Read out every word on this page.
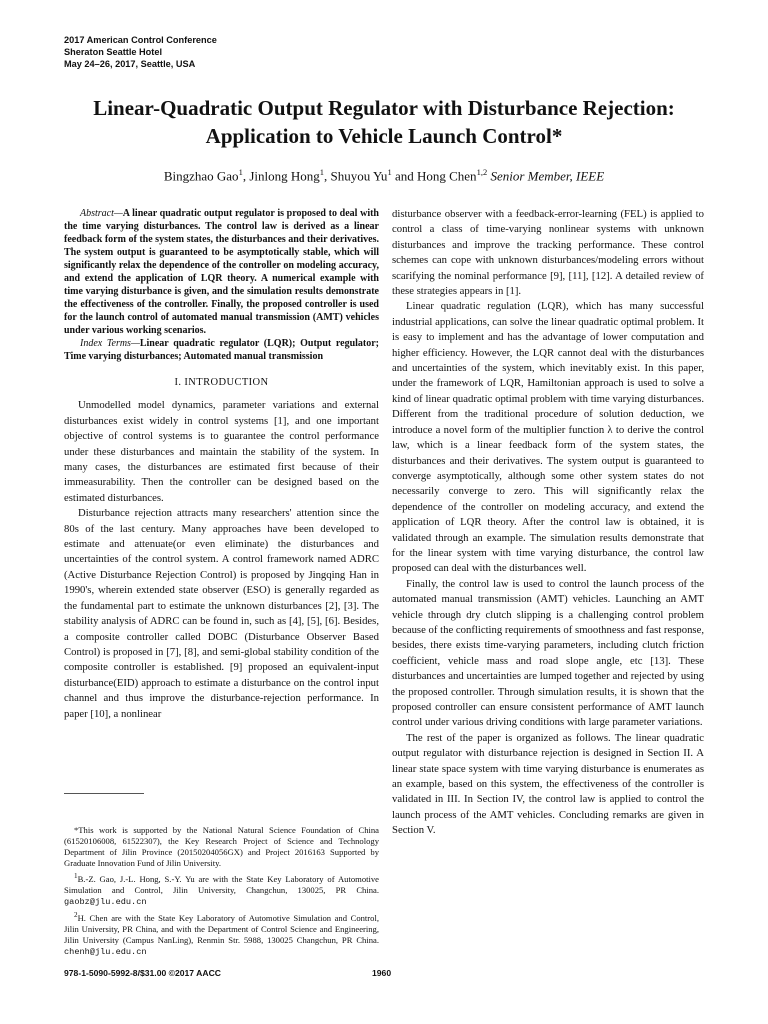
2017 American Control Conference
Sheraton Seattle Hotel
May 24–26, 2017, Seattle, USA
Linear-Quadratic Output Regulator with Disturbance Rejection:
Application to Vehicle Launch Control*
Bingzhao Gao$^1$, Jinlong Hong$^1$, Shuyou Yu$^1$ and Hong Chen$^{1,2}$ Senior Member, IEEE

Abstract—A linear quadratic output regulator is proposed to deal with the time varying disturbances. The control law is derived as a linear feedback form of the system states, the disturbances and their derivatives. The system output is guaranteed to be asymptotically stable, which will significantly relax the dependence of the controller on modeling accuracy, and extend the application of LQR theory. A numerical example with time varying disturbance is given, and the simulation results demonstrate the effectiveness of the controller. Finally, the proposed controller is used for the launch control of automated manual transmission (AMT) vehicles under various working scenarios.

Index Terms—Linear quadratic regulator (LQR); Output regulator; Time varying disturbances; Automated manual transmission

I. INTRODUCTION

Unmodelled model dynamics, parameter variations and external disturbances exist widely in control systems [1], and one important objective of control systems is to guarantee the control performance under these disturbances and maintain the stability of the system. In many cases, the disturbances are estimated first because of their immeasurability. Then the controller can be designed based on the estimated disturbances.

Disturbance rejection attracts many researchers' attention since the 80s of the last century. Many approaches have been developed to estimate and attenuate(or even eliminate) the disturbances and uncertainties of the control system. A control framework named ADRC (Active Disturbance Rejection Control) is proposed by Jingqing Han in 1990's, wherein extended state observer (ESO) is generally regarded as the fundamental part to estimate the unknown disturbances [2], [3]. The stability analysis of ADRC can be found in, such as [4], [5], [6]. Besides, a composite controller called DOBC (Disturbance Observer Based Control) is proposed in [7], [8], and semi-global stability condition of the composite controller is established. [9] proposed an equivalent-input disturbance(EID) approach to estimate a disturbance on the control input channel and thus improve the disturbance-rejection performance. In paper [10], a nonlinear

*This work is supported by the National Natural Science Foundation of China (61520106008, 61522307), the Key Research Project of Science and Technology Department of Jilin Province (20150204056GX) and Project 2016163 Supported by Graduate Innovation Fund of Jilin University.

$^1$B.-Z. Gao, J.-L. Hong, S.-Y. Yu are with the State Key Laboratory of Automotive Simulation and Control, Jilin University, Changchun, 130025, PR China. gaobz@jlu.edu.cn

$^2$H. Chen are with the State Key Laboratory of Automotive Simulation and Control, Jilin University, PR China, and with the Department of Control Science and Engineering, Jilin University (Campus NanLing), Renmin Str. 5988, 130025 Changchun, PR China. chenh@jlu.edu.cn

disturbance observer with a feedback-error-learning (FEL) is applied to control a class of time-varying nonlinear systems with unknown disturbances and improve the tracking performance. These control schemes can cope with unknown disturbances/modeling errors without scarifying the nominal performance [9], [11], [12]. A detailed review of these strategies appears in [1].

Linear quadratic regulation (LQR), which has many successful industrial applications, can solve the linear quadratic optimal problem. It is easy to implement and has the advantage of lower computation and higher efficiency. However, the LQR cannot deal with the disturbances and uncertainties of the system, which inevitably exist. In this paper, under the framework of LQR, Hamiltonian approach is used to solve a kind of linear quadratic optimal problem with time varying disturbances. Different from the traditional procedure of solution deduction, we introduce a novel form of the multiplier function λ to derive the control law, which is a linear feedback form of the system states, the disturbances and their derivatives. The system output is guaranteed to converge asymptotically, although some other system states do not necessarily converge to zero. This will significantly relax the dependence of the controller on modeling accuracy, and extend the application of LQR theory. After the control law is obtained, it is validated through an example. The simulation results demonstrate that for the linear system with time varying disturbance, the control law proposed can deal with the disturbances well.

Finally, the control law is used to control the launch process of the automated manual transmission (AMT) vehicles. Launching an AMT vehicle through dry clutch slipping is a challenging control problem because of the conflicting requirements of smoothness and fast response, besides, there exists time-varying parameters, including clutch friction coefficient, vehicle mass and road slope angle, etc [13]. These disturbances and uncertainties are lumped together and rejected by using the proposed controller. Through simulation results, it is shown that the proposed controller can ensure consistent performance of AMT launch control under various driving conditions with large parameter variations.

The rest of the paper is organized as follows. The linear quadratic output regulator with disturbance rejection is designed in Section II. A linear state space system with time varying disturbance is enumerates as an example, based on this system, the effectiveness of the controller is validated in III. In Section IV, the control law is applied to control the launch process of the AMT vehicles. Concluding remarks are given in Section V.

978-1-5090-5992-8/$31.00 ©2017 AACC	1960
